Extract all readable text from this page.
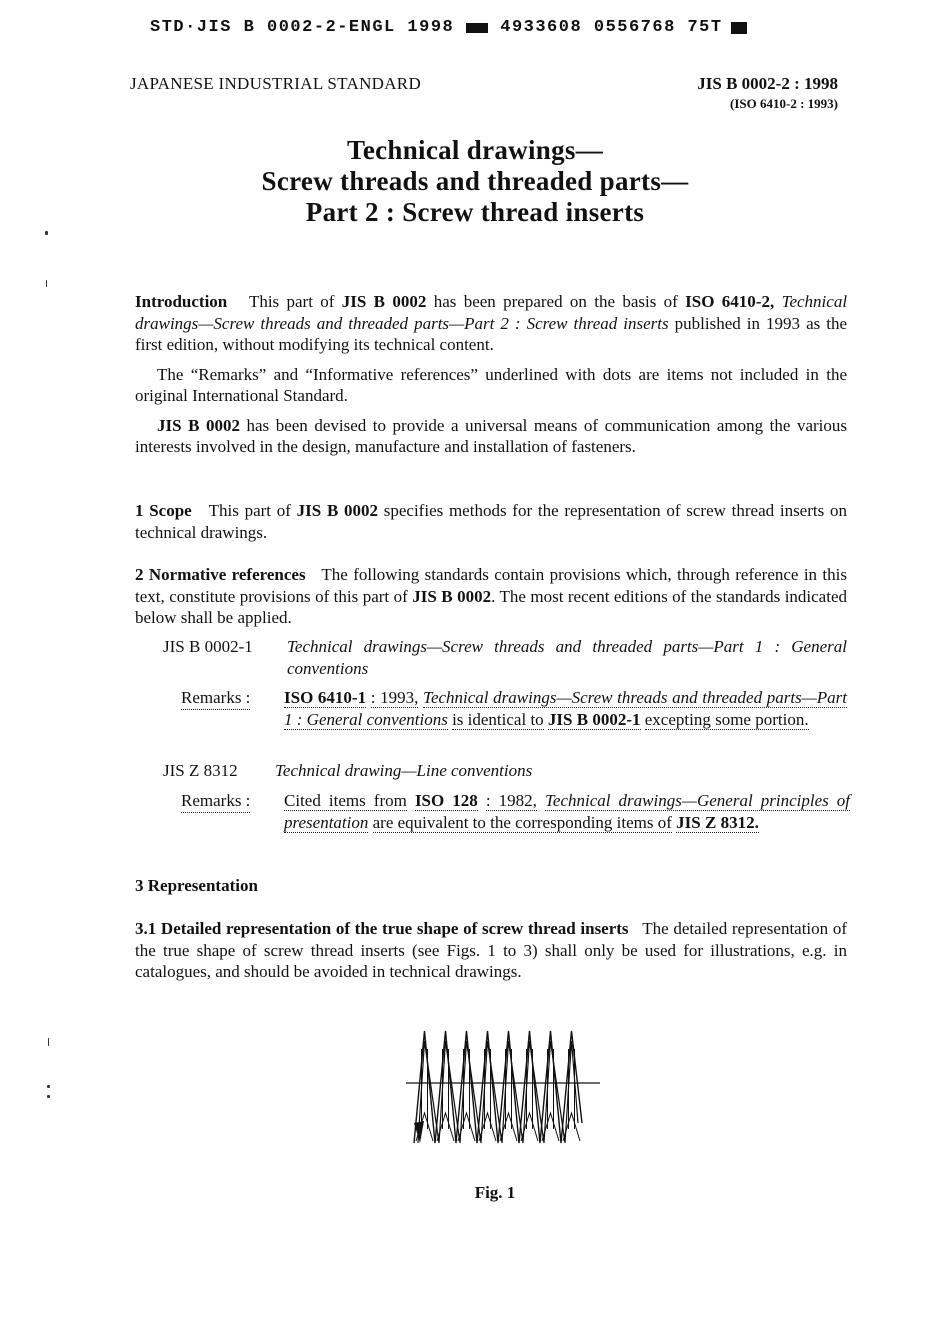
STD·JIS B 0002-2-ENGL 1998	4933608 0556768 75T
JAPANESE INDUSTRIAL STANDARD	JIS B 0002-2 : 1998
(ISO 6410-2 : 1993)
Technical drawings—
Screw threads and threaded parts—
Part 2 : Screw thread inserts

Introduction This part of JIS B 0002 has been prepared on the basis of ISO 6410-2, Technical drawings—Screw threads and threaded parts—Part 2 : Screw thread inserts published in 1993 as the first edition, without modifying its technical content.

The “Remarks” and “Informative references” underlined with dots are items not included in the original International Standard.

JIS B 0002 has been devised to provide a universal means of communication among the various interests involved in the design, manufacture and installation of fasteners.

1 Scope This part of JIS B 0002 specifies methods for the representation of screw thread inserts on technical drawings.

2 Normative references The following standards contain provisions which, through reference in this text, constitute provisions of this part of JIS B 0002. The most recent editions of the standards indicated below shall be applied.

JIS B 0002-1 Technical drawings—Screw threads and threaded parts—Part 1 : General conventions
Remarks : ISO 6410-1 : 1993, Technical drawings—Screw threads and threaded parts—Part 1 : General conventions is identical to JIS B 0002-1 excepting some portion.
JIS Z 8312 Technical drawing—Line conventions
Remarks : Cited items from ISO 128 : 1982, Technical drawings—General principles of presentation are equivalent to the corresponding items of JIS Z 8312.
3 Representation

3.1 Detailed representation of the true shape of screw thread inserts The detailed representation of the true shape of screw thread inserts (see Figs. 1 to 3) shall only be used for illustrations, e.g. in catalogues, and should be avoided in technical drawings.

Fig. 1
